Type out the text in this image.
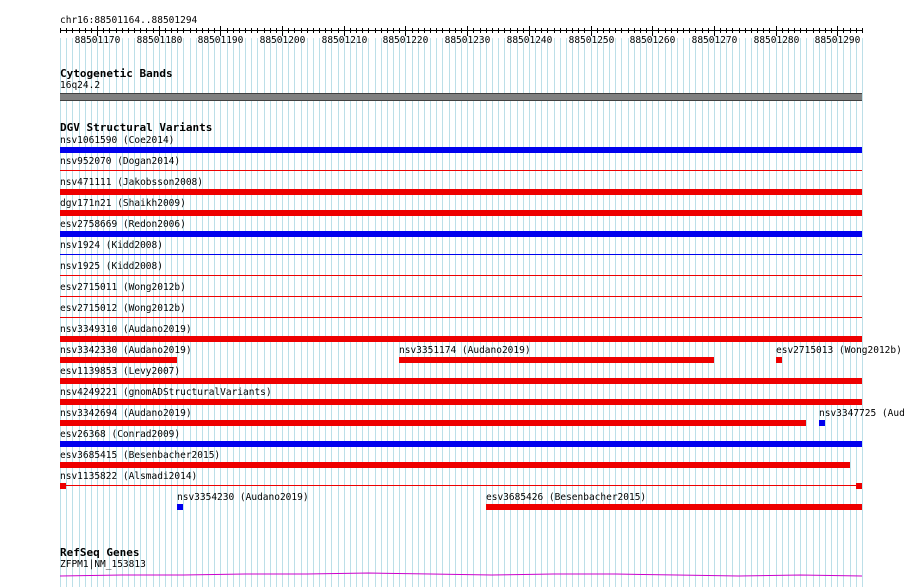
chr16:88501164..88501294
88501170 88501180 88501190 88501200 88501210 88501220 88501230 88501240 88501250 88501260 88501270 88501280 88501290
Cytogenetic Bands
16q24.2
DGV Structural Variants
nsv1061590 (Coe2014)
nsv952070 (Dogan2014)
nsv471111 (Jakobsson2008)
dgv171n21 (Shaikh2009)
esv2758669 (Redon2006)
nsv1924 (Kidd2008)
nsv1925 (Kidd2008)
esv2715011 (Wong2012b)
esv2715012 (Wong2012b)
nsv3349310 (Audano2019)
nsv3342330 (Audano2019)	nsv3351174 (Audano2019)	esv2715013 (Wong2012b)
esv1139853 (Levy2007)
nsv4249221 (gnomADStructuralVariants)
nsv3342694 (Audano2019)	nsv3347725 (Aud
esv26368 (Conrad2009)
esv3685415 (Besenbacher2015)
nsv1135822 (Alsmadi2014)
nsv3354230 (Audano2019)	esv3685426 (Besenbacher2015)
RefSeq Genes
ZFPM1|NM_153813
